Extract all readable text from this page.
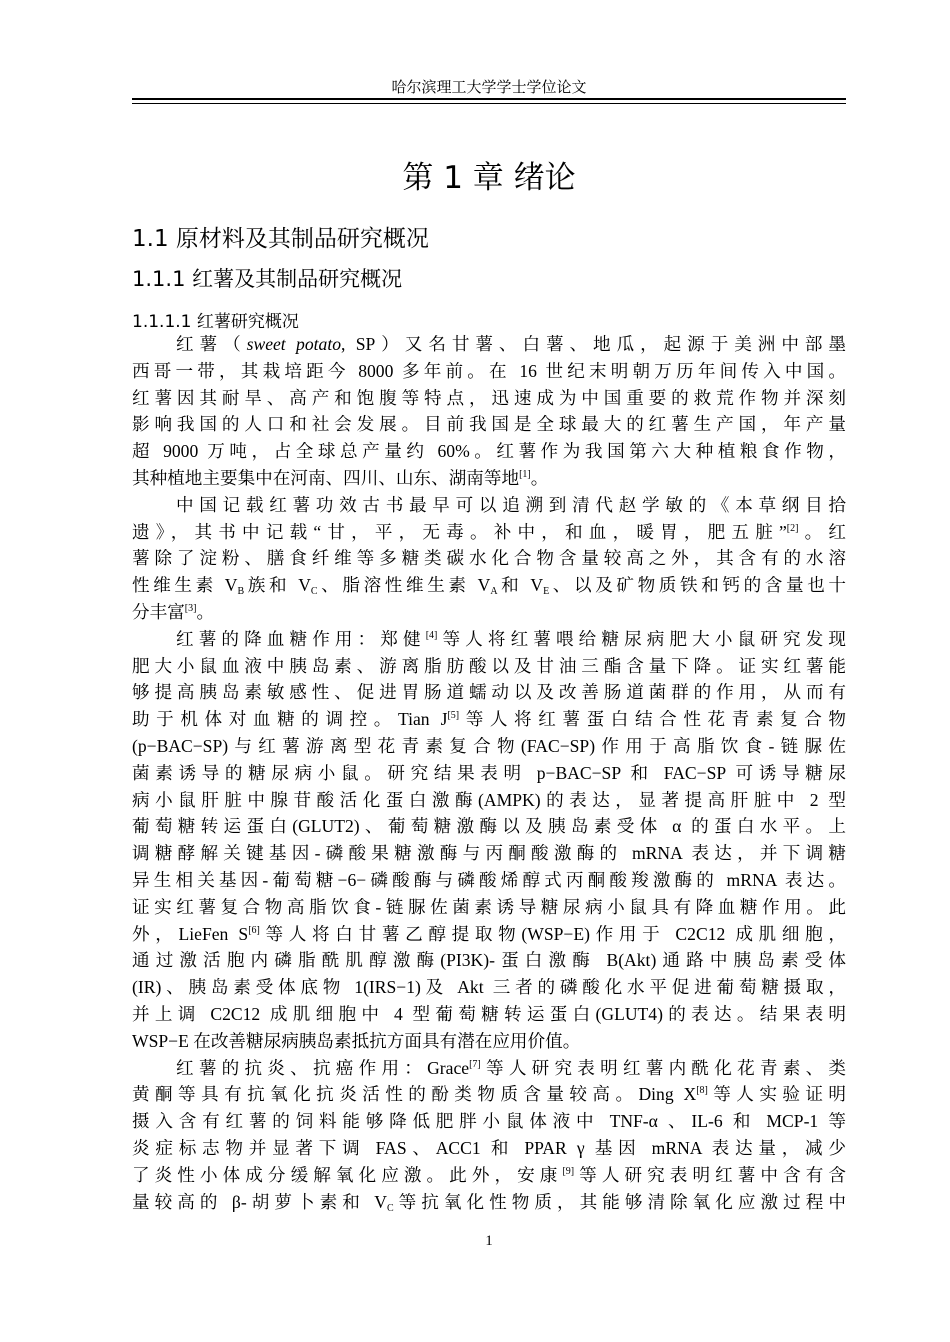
哈尔滨理工大学学士学位论文
第 1 章 绪论
1.1 原材料及其制品研究概况
1.1.1 红薯及其制品研究概况
1.1.1.1 红薯研究概况
红薯（sweet potato, SP）又名甘薯、白薯、地瓜，起源于美洲中部墨
西哥一带，其栽培距今 8000 多年前。在 16 世纪末明朝万历年间传入中国。
红薯因其耐旱、高产和饱腹等特点，迅速成为中国重要的救荒作物并深刻
影响我国的人口和社会发展。目前我国是全球最大的红薯生产国，年产量
超 9000 万吨，占全球总产量约 60%。红薯作为我国第六大种植粮食作物，
其种植地主要集中在河南、四川、山东、湖南等地[1]。
中国记载红薯功效古书最早可以追溯到清代赵学敏的《本草纲目拾
遗》，其书中记载“甘，平，无毒。补中，和血，暖胃，肥五脏”[2]。红
薯除了淀粉、膳食纤维等多糖类碳水化合物含量较高之外，其含有的水溶
性维生素 $V_B$族和 $V_C$、脂溶性维生素 $V_A$和 $V_E$、以及矿物质铁和钙的含量也十
分丰富[3]。
红薯的降血糖作用：郑健[4]等人将红薯喂给糖尿病肥大小鼠研究发现
肥大小鼠血液中胰岛素、游离脂肪酸以及甘油三酯含量下降。证实红薯能
够提高胰岛素敏感性、促进胃肠道蠕动以及改善肠道菌群的作用，从而有
助于机体对血糖的调控。Tian J[5]等人将红薯蛋白结合性花青素复合物
(p−BAC−SP)与红薯游离型花青素复合物(FAC−SP)作用于高脂饮食-链脲佐
菌素诱导的糖尿病小鼠。研究结果表明 p−BAC−SP 和 FAC−SP 可诱导糖尿
病小鼠肝脏中腺苷酸活化蛋白激酶(AMPK)的表达，显著提高肝脏中 2 型
葡萄糖转运蛋白(GLUT2)、葡萄糖激酶以及胰岛素受体 α 的蛋白水平。上
调糖酵解关键基因-磷酸果糖激酶与丙酮酸激酶的 mRNA 表达，并下调糖
异生相关基因-葡萄糖−6−磷酸酶与磷酸烯醇式丙酮酸羧激酶的 mRNA 表达。
证实红薯复合物高脂饮食-链脲佐菌素诱导糖尿病小鼠具有降血糖作用。此
外，LieFen S[6]等人将白甘薯乙醇提取物(WSP−E)作用于 C2C12 成肌细胞，
通过激活胞内磷脂酰肌醇激酶(PI3K)-蛋白激酶 B(Akt)通路中胰岛素受体
(IR)、胰岛素受体底物 1(IRS−1)及 Akt 三者的磷酸化水平促进葡萄糖摄取，
并上调 C2C12 成肌细胞中 4 型葡萄糖转运蛋白(GLUT4)的表达。结果表明
WSP−E 在改善糖尿病胰岛素抵抗方面具有潜在应用价值。
红薯的抗炎、抗癌作用：Grace[7]等人研究表明红薯内酰化花青素、类
黄酮等具有抗氧化抗炎活性的酚类物质含量较高。Ding X[8]等人实验证明
摄入含有红薯的饲料能够降低肥胖小鼠体液中 TNF-α 、IL-6 和 MCP-1 等
炎症标志物并显著下调 FAS、ACC1 和 PPAR γ 基因 mRNA 表达量，减少
了炎性小体成分缓解氧化应激。此外，安康[9]等人研究表明红薯中含有含
量较高的 β-胡萝卜素和 $V_C$等抗氧化性物质，其能够清除氧化应激过程中
1
